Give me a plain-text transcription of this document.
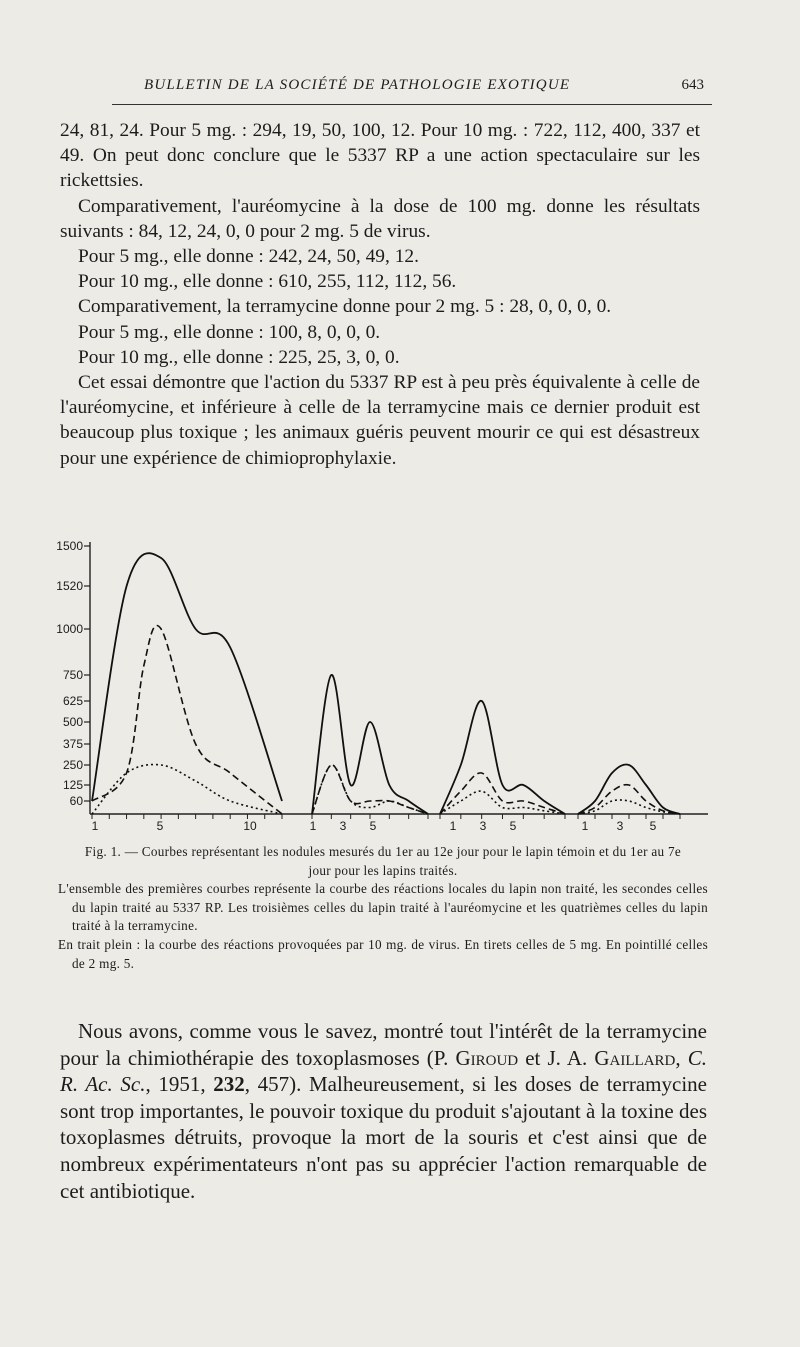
BULLETIN DE LA SOCIÉTÉ DE PATHOLOGIE EXOTIQUE	643

24, 81, 24. Pour 5 mg. : 294, 19, 50, 100, 12. Pour 10 mg. : 722, 112, 400, 337 et 49. On peut donc conclure que le 5337 RP a une action spectaculaire sur les rickettsies.

Comparativement, l'auréomycine à la dose de 100 mg. donne les résultats suivants : 84, 12, 24, 0, 0 pour 2 mg. 5 de virus.

Pour 5 mg., elle donne : 242, 24, 50, 49, 12.

Pour 10 mg., elle donne : 610, 255, 112, 112, 56.

Comparativement, la terramycine donne pour 2 mg. 5 : 28, 0, 0, 0, 0.

Pour 5 mg., elle donne : 100, 8, 0, 0, 0.

Pour 10 mg., elle donne : 225, 25, 3, 0, 0.

Cet essai démontre que l'action du 5337 RP est à peu près équivalente à celle de l'auréomycine, et inférieure à celle de la terramycine mais ce dernier produit est beaucoup plus toxique ; les animaux guéris peuvent mourir ce qui est désastreux pour une expérience de chimioprophylaxie.

1500
1520
1000
750
625
500
375
250
125
60
1	5	10	1 3 5	1 3 5	1 3 5

Fig. 1. — Courbes représentant les nodules mesurés du 1er au 12e jour pour le lapin témoin et du 1er au 7e jour pour les lapins traités.

L'ensemble des premières courbes représente la courbe des réactions locales du lapin non traité, les secondes celles du lapin traité au 5337 RP. Les troisièmes celles du lapin traité à l'auréomycine et les quatrièmes celles du lapin traité à la terramycine.

En trait plein : la courbe des réactions provoquées par 10 mg. de virus. En tirets celles de 5 mg. En pointillé celles de 2 mg. 5.

Nous avons, comme vous le savez, montré tout l'intérêt de la terramycine pour la chimiothérapie des toxoplasmoses (P. Giroud et J. A. Gaillard, C. R. Ac. Sc., 1951, 232, 457). Malheureusement, si les doses de terramycine sont trop importantes, le pouvoir toxique du produit s'ajoutant à la toxine des toxoplasmes détruits, provoque la mort de la souris et c'est ainsi que de nombreux expérimentateurs n'ont pas su apprécier l'action remarquable de cet antibiotique.
